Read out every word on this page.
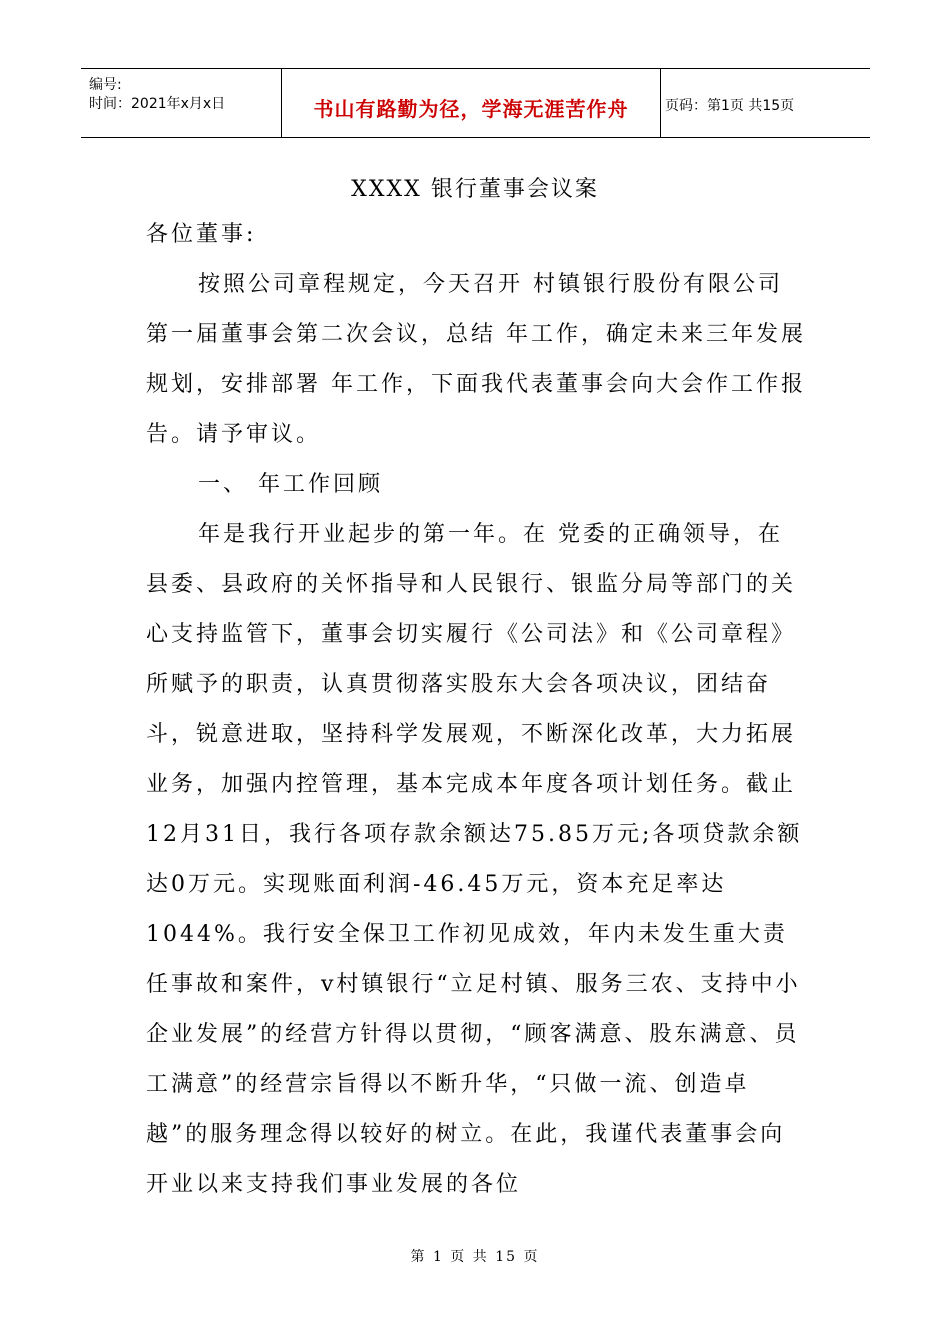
编号:
时间：2021年x月x日	书山有路勤为径，学海无涯苦作舟	页码：第1页 共15页
XXXX 银行董事会议案

各位董事:

按照公司章程规定，今天召开 村镇银行股份有限公司第一届董事会第二次会议，总结 年工作，确定未来三年发展规划，安排部署 年工作，下面我代表董事会向大会作工作报告。请予审议。

一、 年工作回顾

年是我行开业起步的第一年。在 党委的正确领导，在县委、县政府的关怀指导和人民银行、银监分局等部门的关心支持监管下，董事会切实履行《公司法》和《公司章程》所赋予的职责，认真贯彻落实股东大会各项决议，团结奋斗，锐意进取，坚持科学发展观，不断深化改革，大力拓展业务，加强内控管理，基本完成本年度各项计划任务。截止12月31日，我行各项存款余额达75.85万元;各项贷款余额达0万元。实现账面利润-46.45万元，资本充足率达1044%。我行安全保卫工作初见成效，年内未发生重大责任事故和案件，v村镇银行“立足村镇、服务三农、支持中小企业发展”的经营方针得以贯彻，“顾客满意、股东满意、员工满意”的经营宗旨得以不断升华，“只做一流、创造卓越”的服务理念得以较好的树立。在此，我谨代表董事会向开业以来支持我们事业发展的各位

第 1 页 共 15 页
